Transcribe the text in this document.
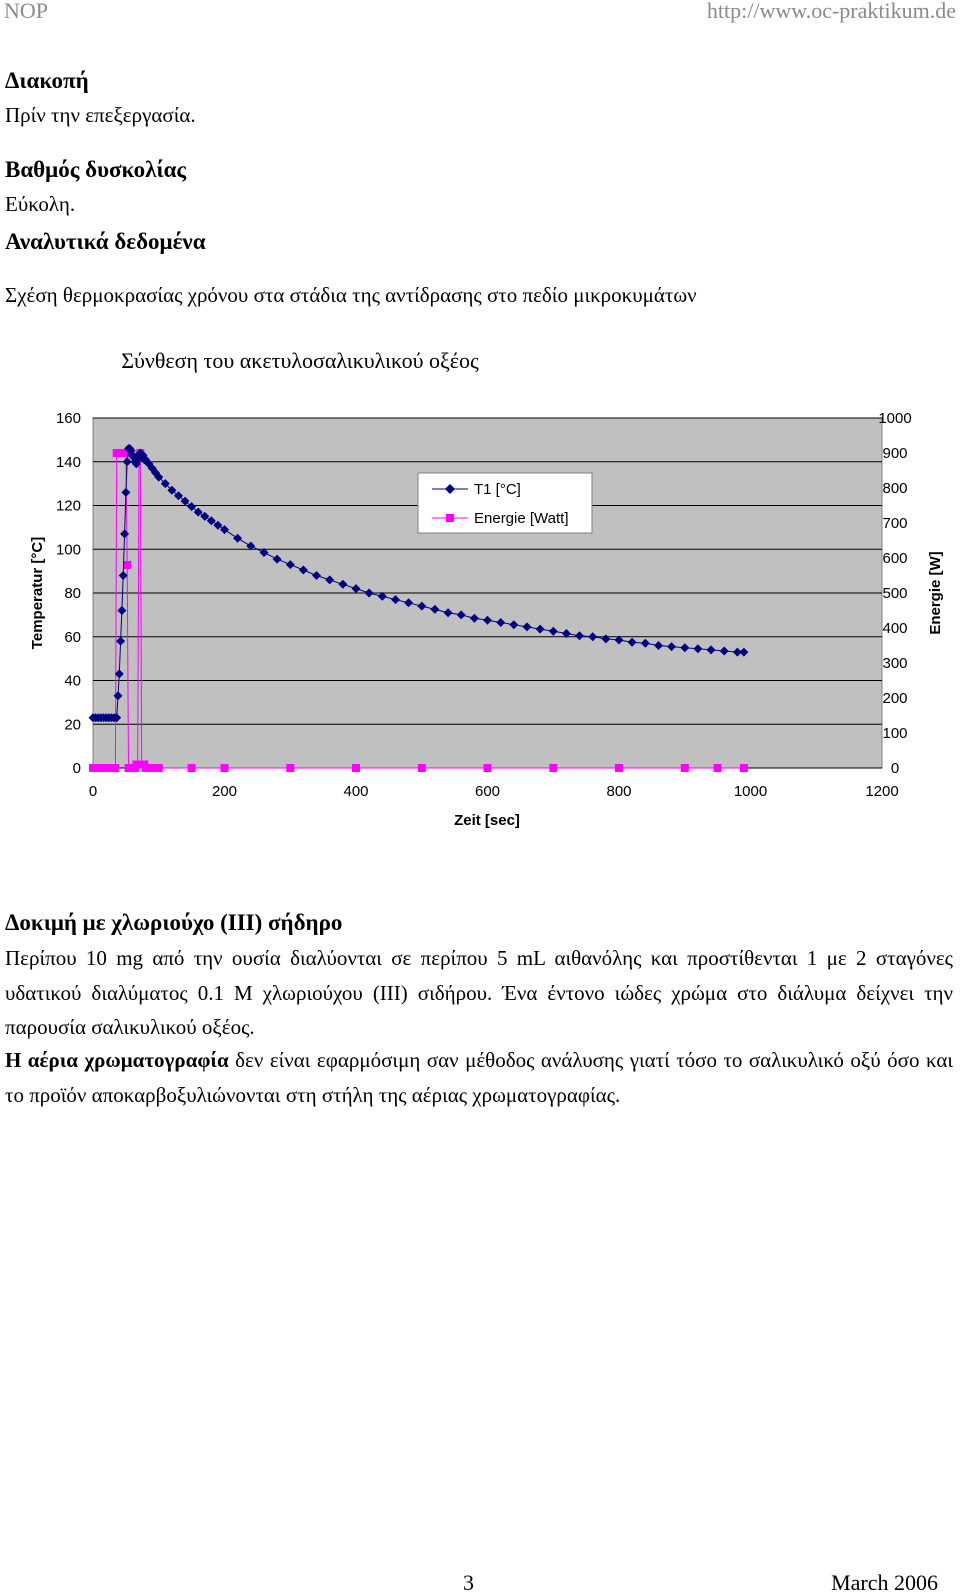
NOP	http://www.oc-praktikum.de
Διακοπή
Πρίν την επεξεργασία.
Βαθμός δυσκολίας
Εύκολη.
Αναλυτικά δεδομένα
Σχέση θερμοκρασίας χρόνου στα στάδια της αντίδρασης στο πεδίο μικροκυμάτων
Σύνθεση του ακετυλοσαλικυλικού οξέος
0
20
40
60
80
100
120
140
160
0
100
200
300
400
500
600
700
800
900
1000
0	200	400	600	800	1000	1200
Zeit [sec]
Temperatur [°C]	Energie [W]
T1 [°C]
Energie [Watt]
Δοκιμή με χλωριούχο (ΙΙΙ) σήδηρο
Περίπου 10 mg από την ουσία διαλύονται σε περίπου 5 mL αιθανόλης και προστίθενται 1 με 2 σταγόνες υδατικού διαλύματος 0.1 M χλωριούχου (ΙΙΙ) σιδήρου. Ένα έντονο ιώδες χρώμα στο διάλυμα δείχνει την παρουσία σαλικυλικού οξέος.
Η αέρια χρωματογραφία δεν είναι εφαρμόσιμη σαν μέθοδος ανάλυσης γιατί τόσο το σαλικυλικό οξύ όσο και το προϊόν αποκαρβοξυλιώνονται στη στήλη της αέριας χρωματογραφίας.
3	March 2006
